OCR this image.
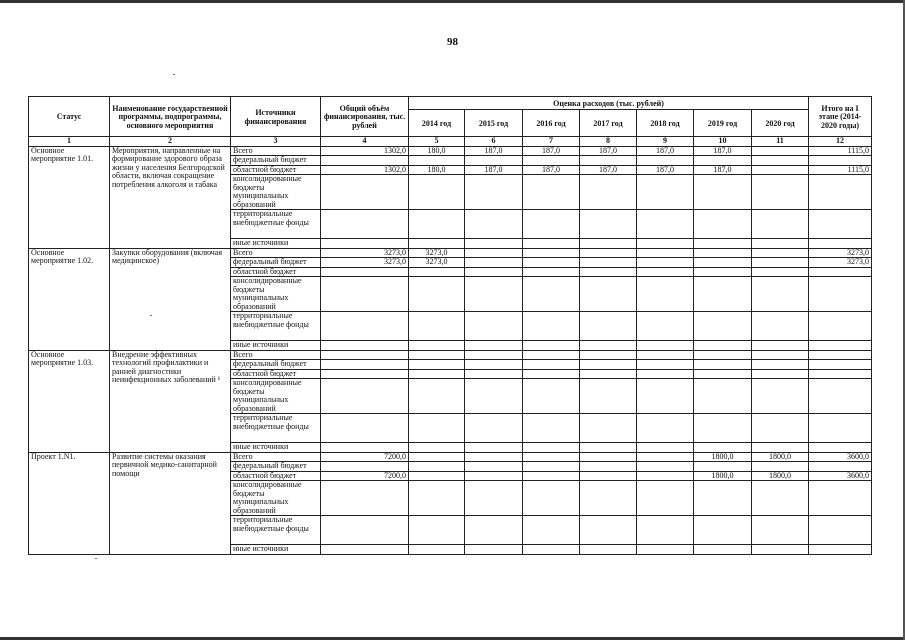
98
Статус	Наименование государственной программы, подпрограммы, основного мероприятия	Источники финансирования	Общий объём финансирования, тыс. рублей	Оценка расходов (тыс. рублей)							Итого на I этапе (2014-2020 годы)
				2014 год	2015 год	2016 год	2017 год	2018 год	2019 год	2020 год	
1	2	3	4	5	6	7	8	9	10	11	12
Основное мероприятие 1.01.	Мероприятия, направленные на формирование здорового образа жизни у населения Белгородской области, включая сокращение потребления алкоголя и табака	Всего	1302,0	180,0	187,0	187,0	187,0	187,0	187,0		1115,0
		федеральный бюджет									
		областной бюджет	1302,0	180,0	187,0	187,0	187,0	187,0	187,0		1115,0
		консолидированные бюджеты муниципальных образований									
		территориальные внебюджетные фонды									
		иные источники									
Основное мероприятие 1.02.	Закупки оборудования (включая медицинское)	Всего	3273,0	3273,0							3273,0
		федеральный бюджет	3273,0	3273,0							3273,0
		областной бюджет									
		консолидированные бюджеты муниципальных образований									
		территориальные внебюджетные фонды									
		иные источники									
Основное мероприятие 1.03.	Внедрение эффективных технологий профилактики и ранней диагностики неинфекционных заболеваний ¹	Всего									
		федеральный бюджет									
		областной бюджет									
		консолидированные бюджеты муниципальных образований									
		территориальные внебюджетные фонды									
		иные источники									
Проект 1.N1.	Развитие системы оказания первичной медико-санитарной помощи	Всего	7200,0						1800,0	1800,0	3600,0
		федеральный бюджет									
		областной бюджет	7200,0						1800,0	1800,0	3600,0
		консолидированные бюджеты муниципальных образований									
		территориальные внебюджетные фонды									
		иные источники									
